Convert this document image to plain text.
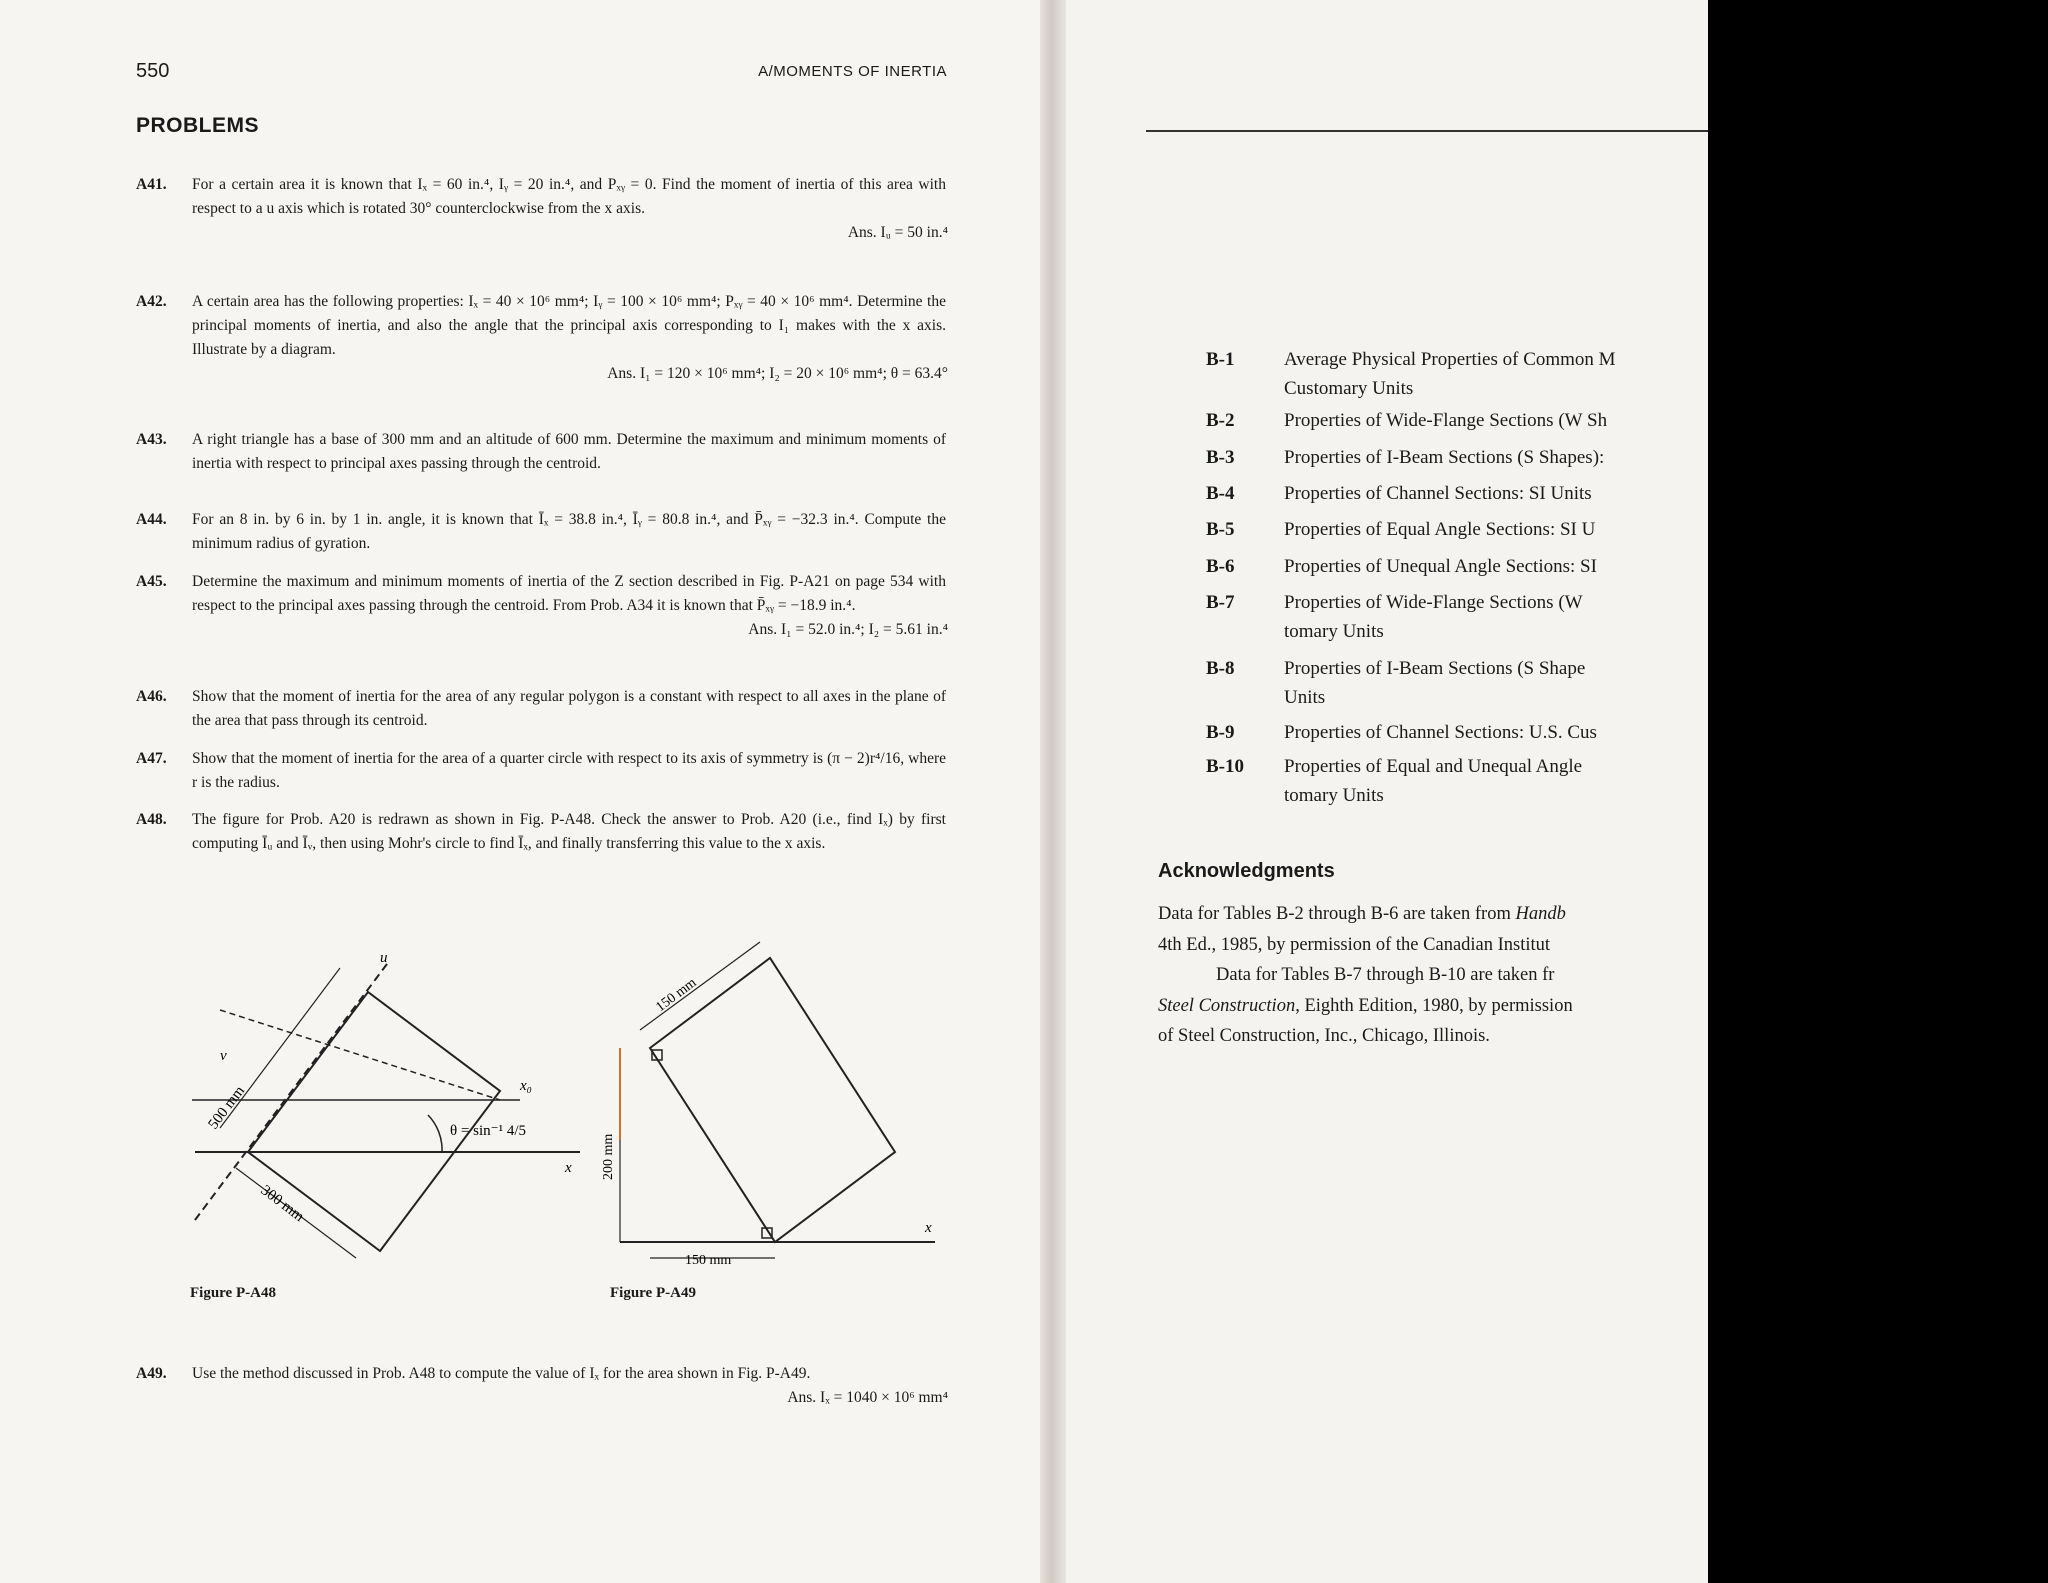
550	A/MOMENTS OF INERTIA
PROBLEMS
A41. For a certain area it is known that Iₓ = 60 in.⁴, Iᵧ = 20 in.⁴, and Pₓᵧ = 0. Find the moment of inertia of this area with respect to a u axis which is rotated 30° counterclockwise from the x axis.
Ans. Iᵤ = 50 in.⁴
A42. A certain area has the following properties: Iₓ = 40 × 10⁶ mm⁴; Iᵧ = 100 × 10⁶ mm⁴; Pₓᵧ = 40 × 10⁶ mm⁴. Determine the principal moments of inertia, and also the angle that the principal axis corresponding to I₁ makes with the x axis. Illustrate by a diagram.
Ans. I₁ = 120 × 10⁶ mm⁴; I₂ = 20 × 10⁶ mm⁴; θ = 63.4°
A43. A right triangle has a base of 300 mm and an altitude of 600 mm. Determine the maximum and minimum moments of inertia with respect to principal axes passing through the centroid.
A44. For an 8 in. by 6 in. by 1 in. angle, it is known that Īₓ = 38.8 in.⁴, Īᵧ = 80.8 in.⁴, and P̄ₓᵧ = −32.3 in.⁴. Compute the minimum radius of gyration.
A45. Determine the maximum and minimum moments of inertia of the Z section described in Fig. P-A21 on page 534 with respect to the principal axes passing through the centroid. From Prob. A34 it is known that P̄ₓᵧ = −18.9 in.⁴.
Ans. I₁ = 52.0 in.⁴; I₂ = 5.61 in.⁴
A46. Show that the moment of inertia for the area of any regular polygon is a constant with respect to all axes in the plane of the area that pass through its centroid.
A47. Show that the moment of inertia for the area of a quarter circle with respect to its axis of symmetry is (π − 2)r⁴/16, where r is the radius.
A48. The figure for Prob. A20 is redrawn as shown in Fig. P-A48. Check the answer to Prob. A20 (i.e., find Iₓ) by first computing Īᵤ and Īᵥ, then using Mohr's circle to find Īₓ, and finally transferring this value to the x axis.
u
v
x₀
x
θ = sin⁻¹ 4/5
500 mm
300 mm
Figure P-A48
200 mm
150 mm
150 mm
x
Figure P-A49
A49. Use the method discussed in Prob. A48 to compute the value of Iₓ for the area shown in Fig. P-A49.
Ans. Iₓ = 1040 × 10⁶ mm⁴
B-1	Average Physical Properties of Common M
Customary Units
B-2	Properties of Wide-Flange Sections (W Sh
B-3	Properties of I-Beam Sections (S Shapes):
B-4	Properties of Channel Sections: SI Units
B-5	Properties of Equal Angle Sections: SI U
B-6	Properties of Unequal Angle Sections: SI
B-7	Properties of Wide-Flange Sections (W
tomary Units
B-8	Properties of I-Beam Sections (S Shape
Units
B-9	Properties of Channel Sections: U.S. Cus
B-10 Properties of Equal and Unequal Angle
tomary Units
Acknowledgments
Data for Tables B-2 through B-6 are taken from Handb
4th Ed., 1985, by permission of the Canadian Institut
Data for Tables B-7 through B-10 are taken fr
Steel Construction, Eighth Edition, 1980, by permission
of Steel Construction, Inc., Chicago, Illinois.
